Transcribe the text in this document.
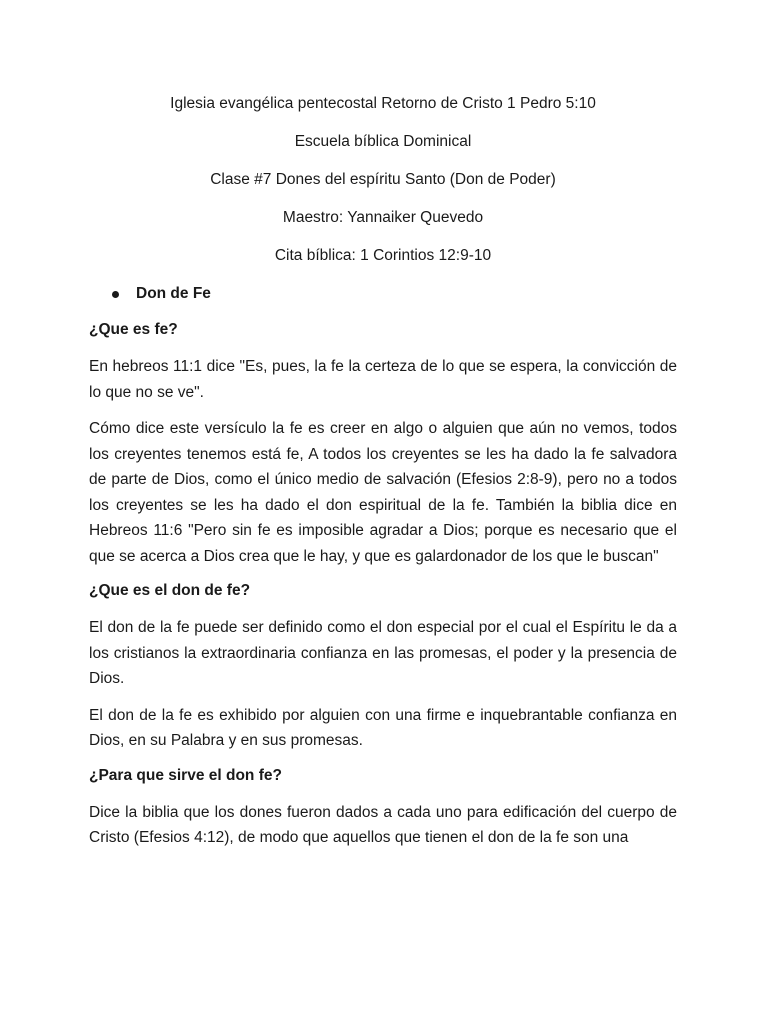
Iglesia evangélica pentecostal Retorno de Cristo 1 Pedro 5:10

Escuela bíblica Dominical

Clase #7 Dones del espíritu Santo (Don de Poder)

Maestro: Yannaiker Quevedo

Cita bíblica: 1 Corintios 12:9-10

Don de Fe

¿Que es fe?

En hebreos 11:1 dice "Es, pues, la fe la certeza de lo que se espera, la convicción de lo que no se ve".

Cómo dice este versículo la fe es creer en algo o alguien que aún no vemos, todos los creyentes tenemos está fe, A todos los creyentes se les ha dado la fe salvadora de parte de Dios, como el único medio de salvación (Efesios 2:8-9), pero no a todos los creyentes se les ha dado el don espiritual de la fe. También la biblia dice en Hebreos 11:6 "Pero sin fe es imposible agradar a Dios; porque es necesario que el que se acerca a Dios crea que le hay, y que es galardonador de los que le buscan"

¿Que es el don de fe?

El don de la fe puede ser definido como el don especial por el cual el Espíritu le da a los cristianos la extraordinaria confianza en las promesas, el poder y la presencia de Dios.

El don de la fe es exhibido por alguien con una firme e inquebrantable confianza en Dios, en su Palabra y en sus promesas.

¿Para que sirve el don fe?

Dice la biblia que los dones fueron dados a cada uno para edificación del cuerpo de Cristo (Efesios 4:12), de modo que aquellos que tienen el don de la fe son una
